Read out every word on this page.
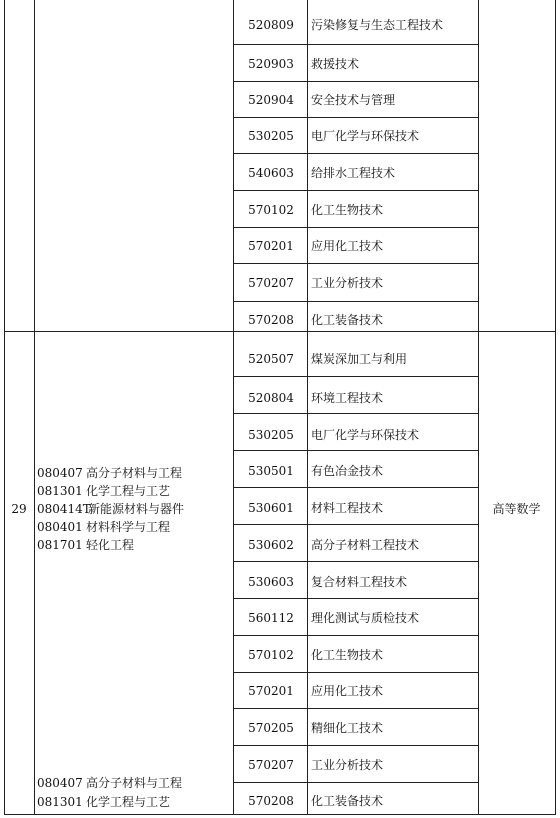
520809	污染修复与生态工程技术
520903	救援技术
520904	安全技术与管理
530205	电厂化学与环保技术
540603	给排水工程技术
570102	化工生物技术
570201	应用化工技术
570207	工业分析技术
570208	化工装备技术
29	高等数学
080407 高分子材料与工程
081301 化学工程与工艺
080414T
新能源材料与器件
080401 材料科学与工程
081701 轻化工程
080407 高分子材料与工程
081301 化学工程与工艺
520507	煤炭深加工与利用
520804	环境工程技术
530205	电厂化学与环保技术
530501	有色冶金技术
530601	材料工程技术
530602	高分子材料工程技术
530603	复合材料工程技术
560112	理化测试与质检技术
570102	化工生物技术
570201	应用化工技术
570205	精细化工技术
570207	工业分析技术
570208	化工装备技术
